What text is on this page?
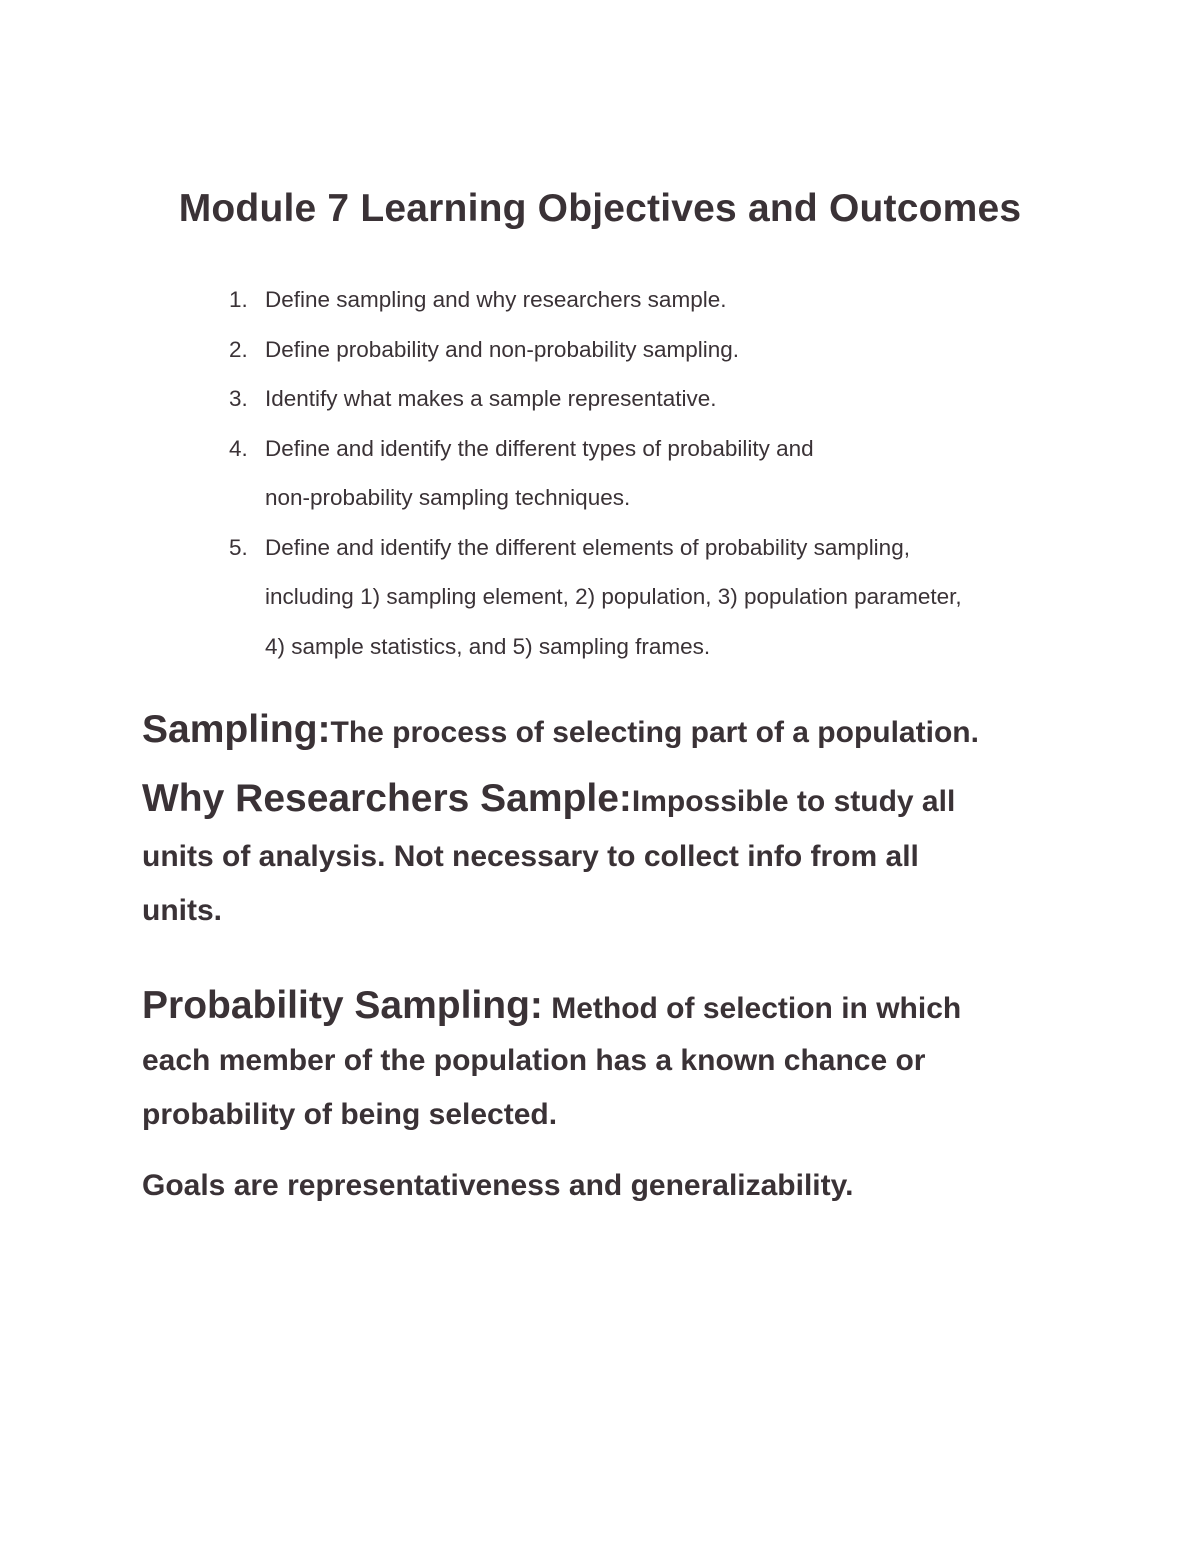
Module 7 Learning Objectives and Outcomes
1. Define sampling and why researchers sample.
2. Define probability and non-probability sampling.
3. Identify what makes a sample representative.
4. Define and identify the different types of probability and
non-probability sampling techniques.
5. Define and identify the different elements of probability sampling,
including 1) sampling element, 2) population, 3) population parameter,
4) sample statistics, and 5) sampling frames.
Sampling:The process of selecting part of a population.
Why Researchers Sample:Impossible to study all
units of analysis. Not necessary to collect info from all
units.
Probability Sampling: Method of selection in which
each member of the population has a known chance or
probability of being selected.
Goals are representativeness and generalizability.
